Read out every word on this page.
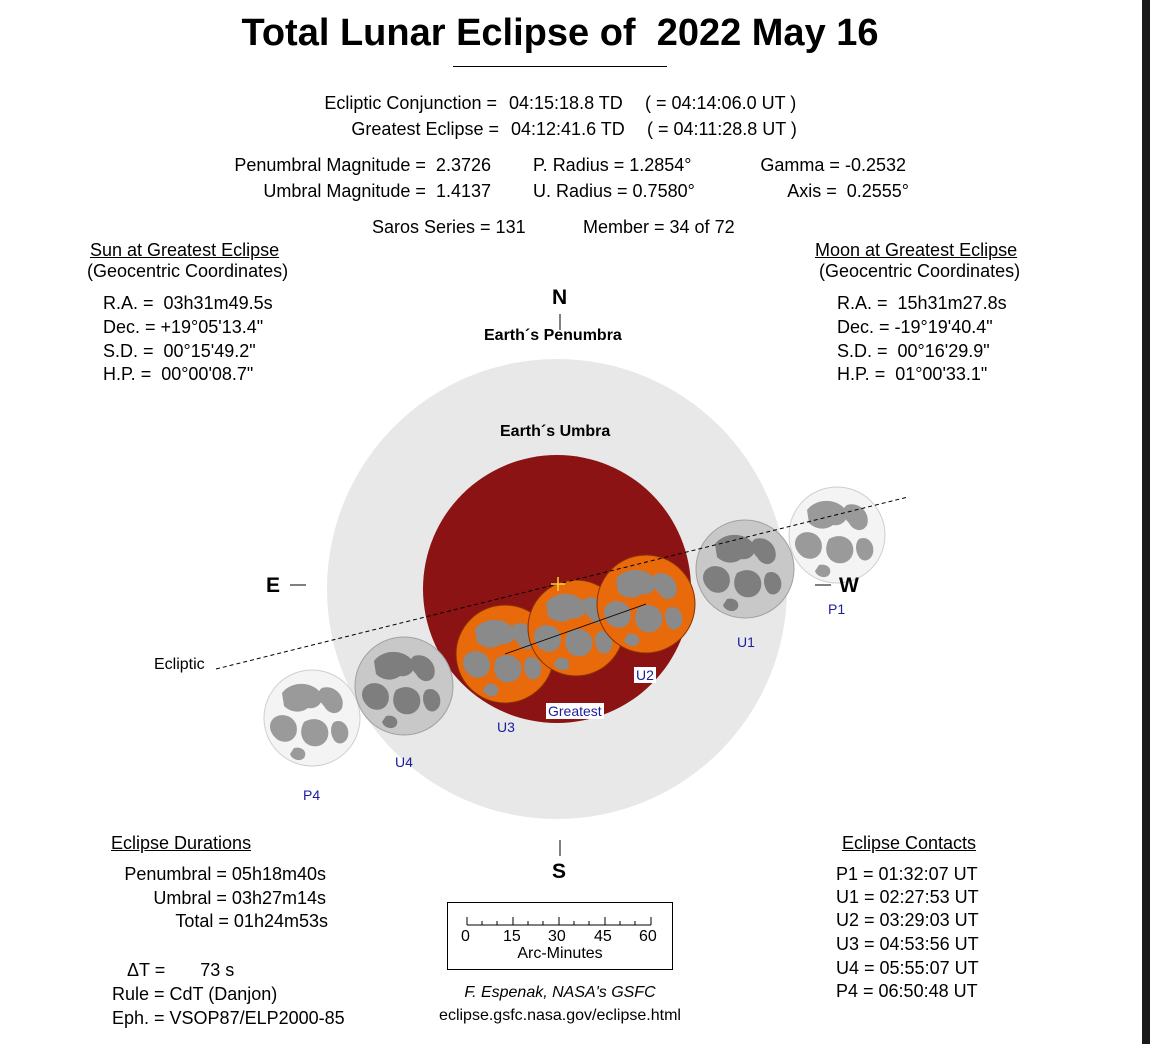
Total Lunar Eclipse of  2022 May 16
Ecliptic Conjunction = 04:15:18.8 TD ( = 04:14:06.0 UT )
Greatest Eclipse = 04:12:41.6 TD ( = 04:11:28.8 UT )
Penumbral Magnitude =  2.3726
Umbral Magnitude =  1.4137
P. Radius = 1.2854°
U. Radius = 0.7580°
Gamma = -0.2532
Axis =  0.2555°
Saros Series = 131	Member = 34 of 72
Sun at Greatest Eclipse
(Geocentric Coordinates)
R.A. =  03h31m49.5s
Dec. = +19°05'13.4"
S.D. =  00°15'49.2"
H.P. =  00°00'08.7"
Moon at Greatest Eclipse
(Geocentric Coordinates)
R.A. =  15h31m27.8s
Dec. = -19°19'40.4"
S.D. =  00°16'29.9"
H.P. =  01°00'33.1"
N
S
E	W
Earth´s Penumbra
Earth´s Umbra
Ecliptic
Greatest
P1
U1
U2
U3
U4
P4
Eclipse Durations
Penumbral = 05h18m40s
Umbral = 03h27m14s
Total = 01h24m53s
ΔT =       73 s
Rule = CdT (Danjon)
Eph. = VSOP87/ELP2000-85
Eclipse Contacts
P1 = 01:32:07 UT
U1 = 02:27:53 UT
U2 = 03:29:03 UT
U3 = 04:53:56 UT
U4 = 05:55:07 UT
P4 = 06:50:48 UT

0

15

30

45

60

Arc-Minutes

F. Espenak, NASA's GSFC
eclipse.gsfc.nasa.gov/eclipse.html
